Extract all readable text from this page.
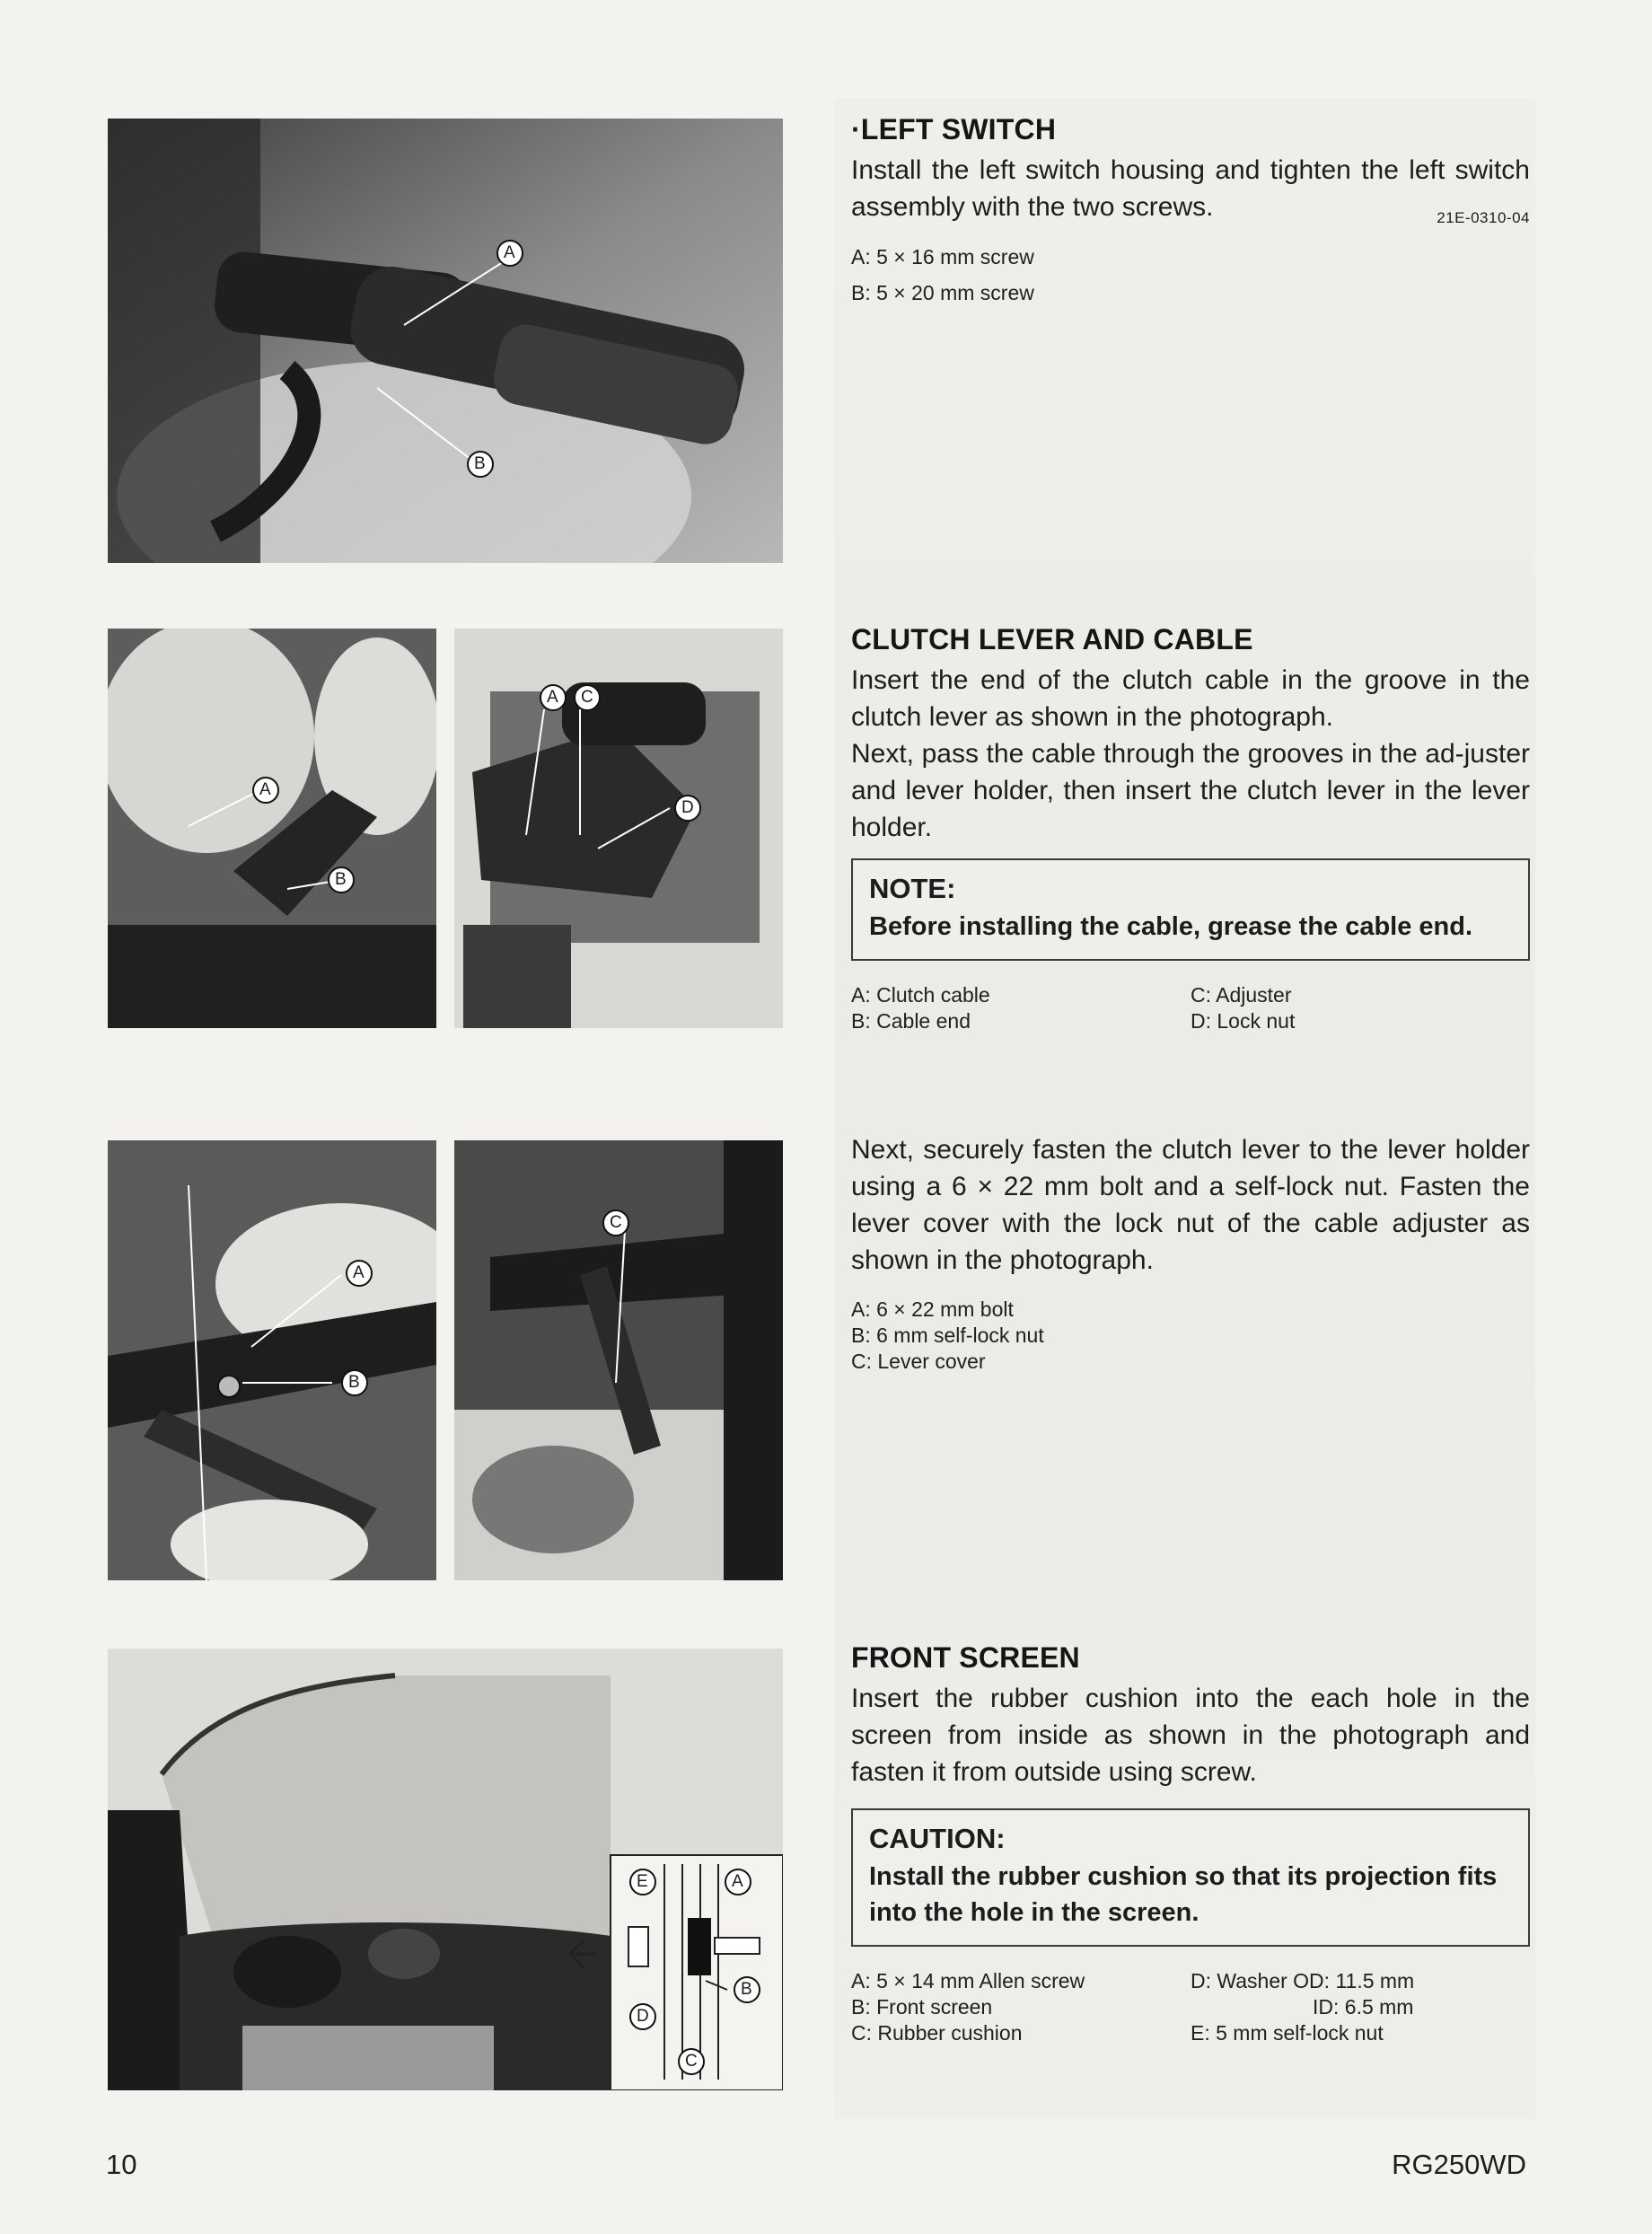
A
B
A
B
A C
D
A
B
C
E	A
B
D
C
·LEFT SWITCH

Install the left switch housing and tighten the left switch assembly with the two screws.	21E-0310-04

A: 5 × 16 mm screw
B: 5 × 20 mm screw
CLUTCH LEVER AND CABLE

Insert the end of the clutch cable in the groove in the clutch lever as shown in the photograph.

Next, pass the cable through the grooves in the ad-juster and lever holder, then insert the clutch lever in the lever holder.

NOTE:
Before installing the cable, grease the cable end.
A: Clutch cable	C: Adjuster
B: Cable end	D: Lock nut

Next, securely fasten the clutch lever to the lever holder using a 6 × 22 mm bolt and a self-lock nut. Fasten the lever cover with the lock nut of the cable adjuster as shown in the photograph.

A: 6 × 22 mm bolt
B: 6 mm self-lock nut
C: Lever cover
FRONT SCREEN

Insert the rubber cushion into the each hole in the screen from inside as shown in the photograph and fasten it from outside using screw.

CAUTION:
Install the rubber cushion so that its projection fits into the hole in the screen.
A: 5 × 14 mm Allen screw	D: Washer OD: 11.5 mm
B: Front screen	ID: 6.5 mm
C: Rubber cushion	E: 5 mm self-lock nut
10	RG250WD
